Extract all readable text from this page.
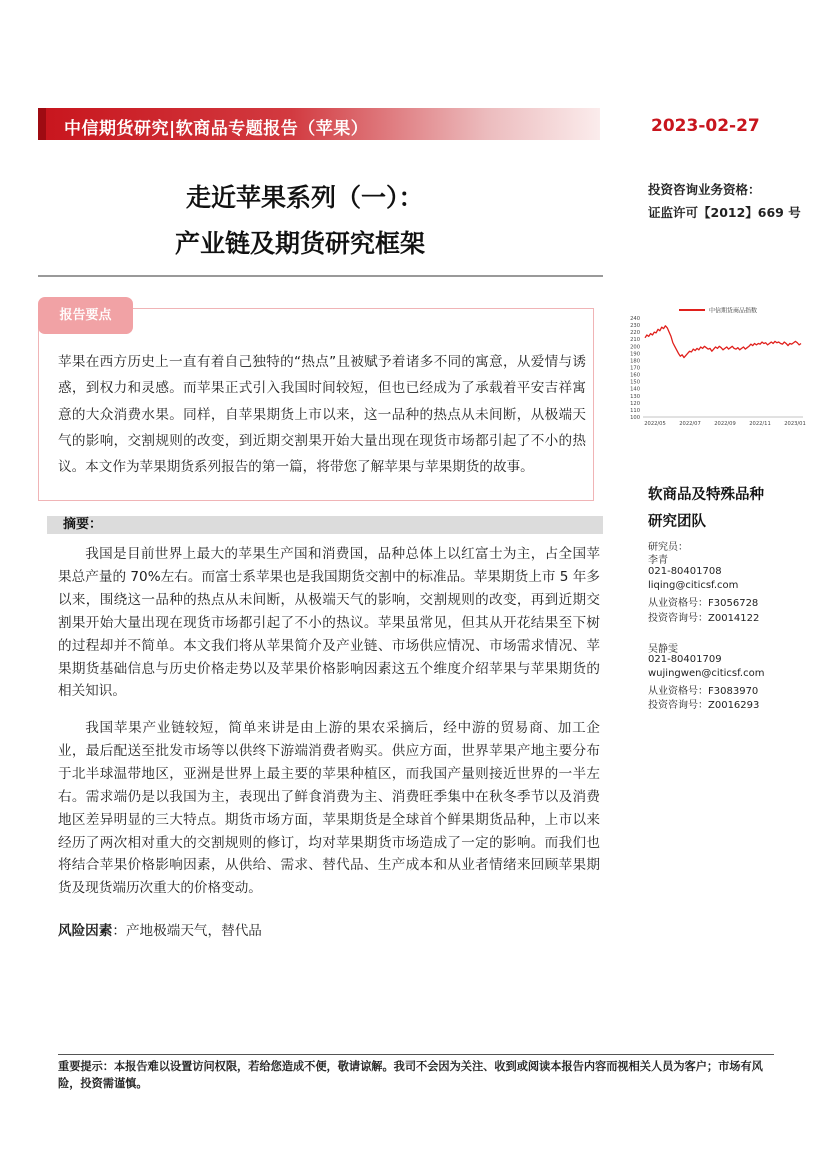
中信期货研究|软商品专题报告（苹果）	2023-02-27
走近苹果系列（一）：
产业链及期货研究框架
投资咨询业务资格：
证监许可【2012】669 号
报告要点
苹果在西方历史上一直有着自己独特的“热点”且被赋予着诸多不同的寓意，从爱情与诱惑，到权力和灵感。而苹果正式引入我国时间较短，但也已经成为了承载着平安吉祥寓意的大众消费水果。同样，自苹果期货上市以来，这一品种的热点从未间断，从极端天气的影响，交割规则的改变，到近期交割果开始大量出现在现货市场都引起了不小的热议。本文作为苹果期货系列报告的第一篇，将带您了解苹果与苹果期货的故事。
中信期货商品指数
240
230
220
210
200
190
180
170
160
150
140
130
120
110
100
2022/05	2022/07	2022/09	2022/11	2023/01
软商品及特殊品种
研究团队
研究员：
李青
021-80401708
liqing@citicsf.com
从业资格号：F3056728
投资咨询号：Z0014122
吴静雯
021-80401709
wujingwen@citicsf.com
从业资格号：F3083970
投资咨询号：Z0016293
摘要：
我国是目前世界上最大的苹果生产国和消费国，品种总体上以红富士为主，占全国苹果总产量的 70%左右。而富士系苹果也是我国期货交割中的标准品。苹果期货上市 5 年多以来，围绕这一品种的热点从未间断，从极端天气的影响，交割规则的改变，再到近期交割果开始大量出现在现货市场都引起了不小的热议。苹果虽常见，但其从开花结果至下树的过程却并不简单。本文我们将从苹果简介及产业链、市场供应情况、市场需求情况、苹果期货基础信息与历史价格走势以及苹果价格影响因素这五个维度介绍苹果与苹果期货的相关知识。
我国苹果产业链较短，简单来讲是由上游的果农采摘后，经中游的贸易商、加工企业，最后配送至批发市场等以供终下游端消费者购买。供应方面，世界苹果产地主要分布于北半球温带地区，亚洲是世界上最主要的苹果种植区，而我国产量则接近世界的一半左右。需求端仍是以我国为主，表现出了鲜食消费为主、消费旺季集中在秋冬季节以及消费地区差异明显的三大特点。期货市场方面，苹果期货是全球首个鲜果期货品种，上市以来经历了两次相对重大的交割规则的修订，均对苹果期货市场造成了一定的影响。而我们也将结合苹果价格影响因素，从供给、需求、替代品、生产成本和从业者情绪来回顾苹果期货及现货端历次重大的价格变动。
风险因素：产地极端天气，替代品
重要提示：本报告难以设置访问权限，若给您造成不便，敬请谅解。我司不会因为关注、收到或阅读本报告内容而视相关人员为客户；市场有风险，投资需谨慎。
